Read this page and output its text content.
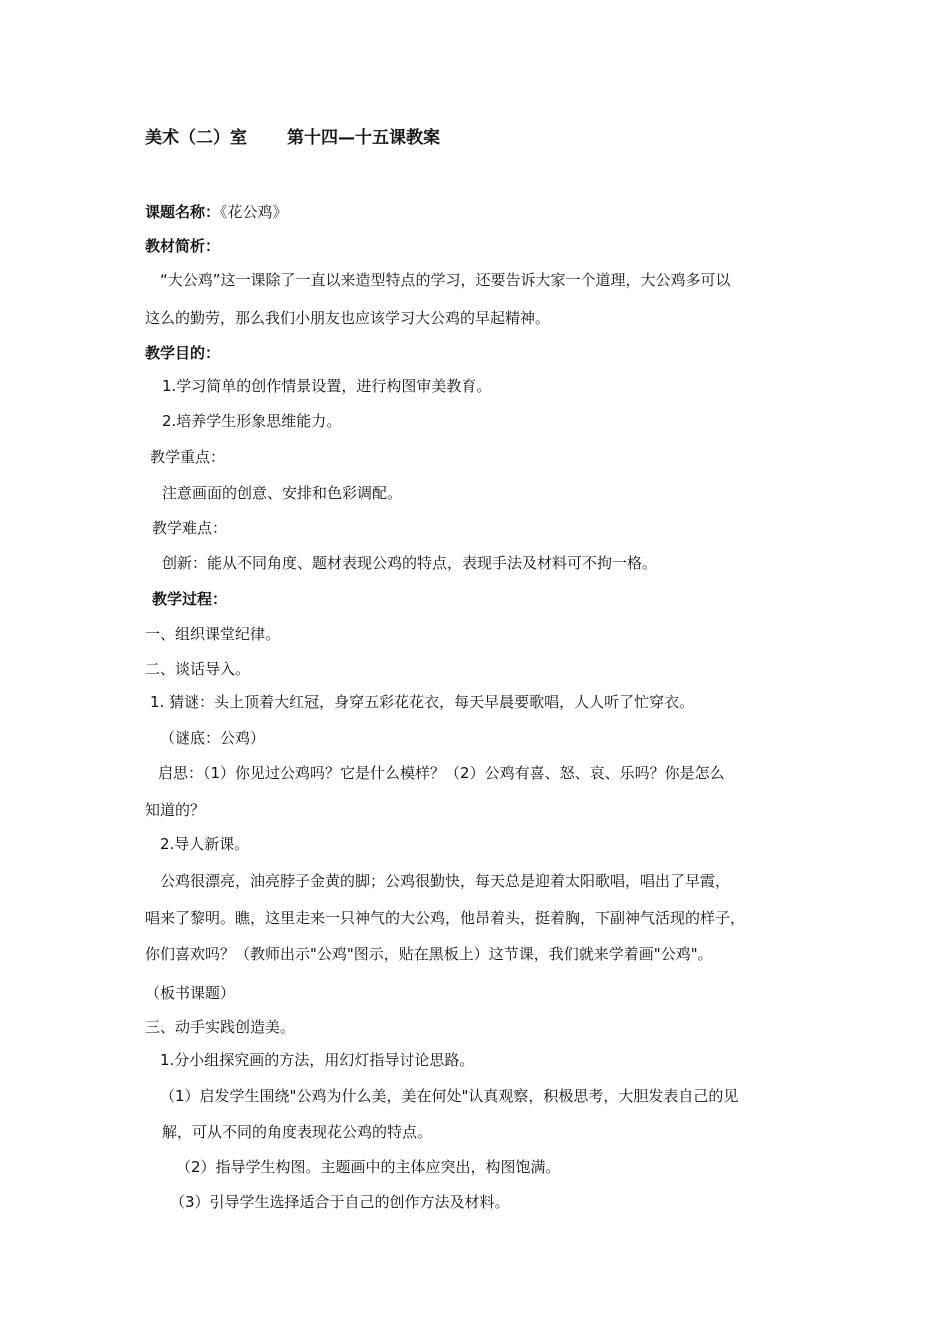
美术（二）室 第十四—十五课教案
课题名称：《花公鸡》
教材简析：
“大公鸡”这一课除了一直以来造型特点的学习，还要告诉大家一个道理，大公鸡多可以
这么的勤劳，那么我们小朋友也应该学习大公鸡的早起精神。
教学目的：
1.学习简单的创作情景设置，进行构图审美教育。
2.培养学生形象思维能力。
教学重点：
注意画面的创意、安排和色彩调配。
教学难点：
创新：能从不同角度、题材表现公鸡的特点，表现手法及材料可不拘一格。
教学过程：
一、组织课堂纪律。
二、谈话导入。
1. 猜谜：头上顶着大红冠，身穿五彩花花衣，每天早晨要歌唱，人人听了忙穿衣。
（谜底：公鸡）
启思：（1）你见过公鸡吗？它是什么模样？（2）公鸡有喜、怒、哀、乐吗？你是怎么
知道的？
2.导人新课。
公鸡很漂亮，油亮脖子金黄的脚；公鸡很勤快，每天总是迎着太阳歌唱，唱出了早霞，
唱来了黎明。瞧，这里走来一只神气的大公鸡，他昂着头，挺着胸，下副神气活现的样子，
你们喜欢吗？（教师出示"公鸡"图示，贴在黑板上）这节课，我们就来学着画"公鸡"。
（板书课题）
三、动手实践创造美。
1.分小组探究画的方法，用幻灯指导讨论思路。
（1）启发学生围绕"公鸡为什么美，美在何处"认真观察，积极思考，大胆发表自己的见
解，可从不同的角度表现花公鸡的特点。
（2）指导学生构图。主题画中的主体应突出，构图饱满。
（3）引导学生选择适合于自己的创作方法及材料。
